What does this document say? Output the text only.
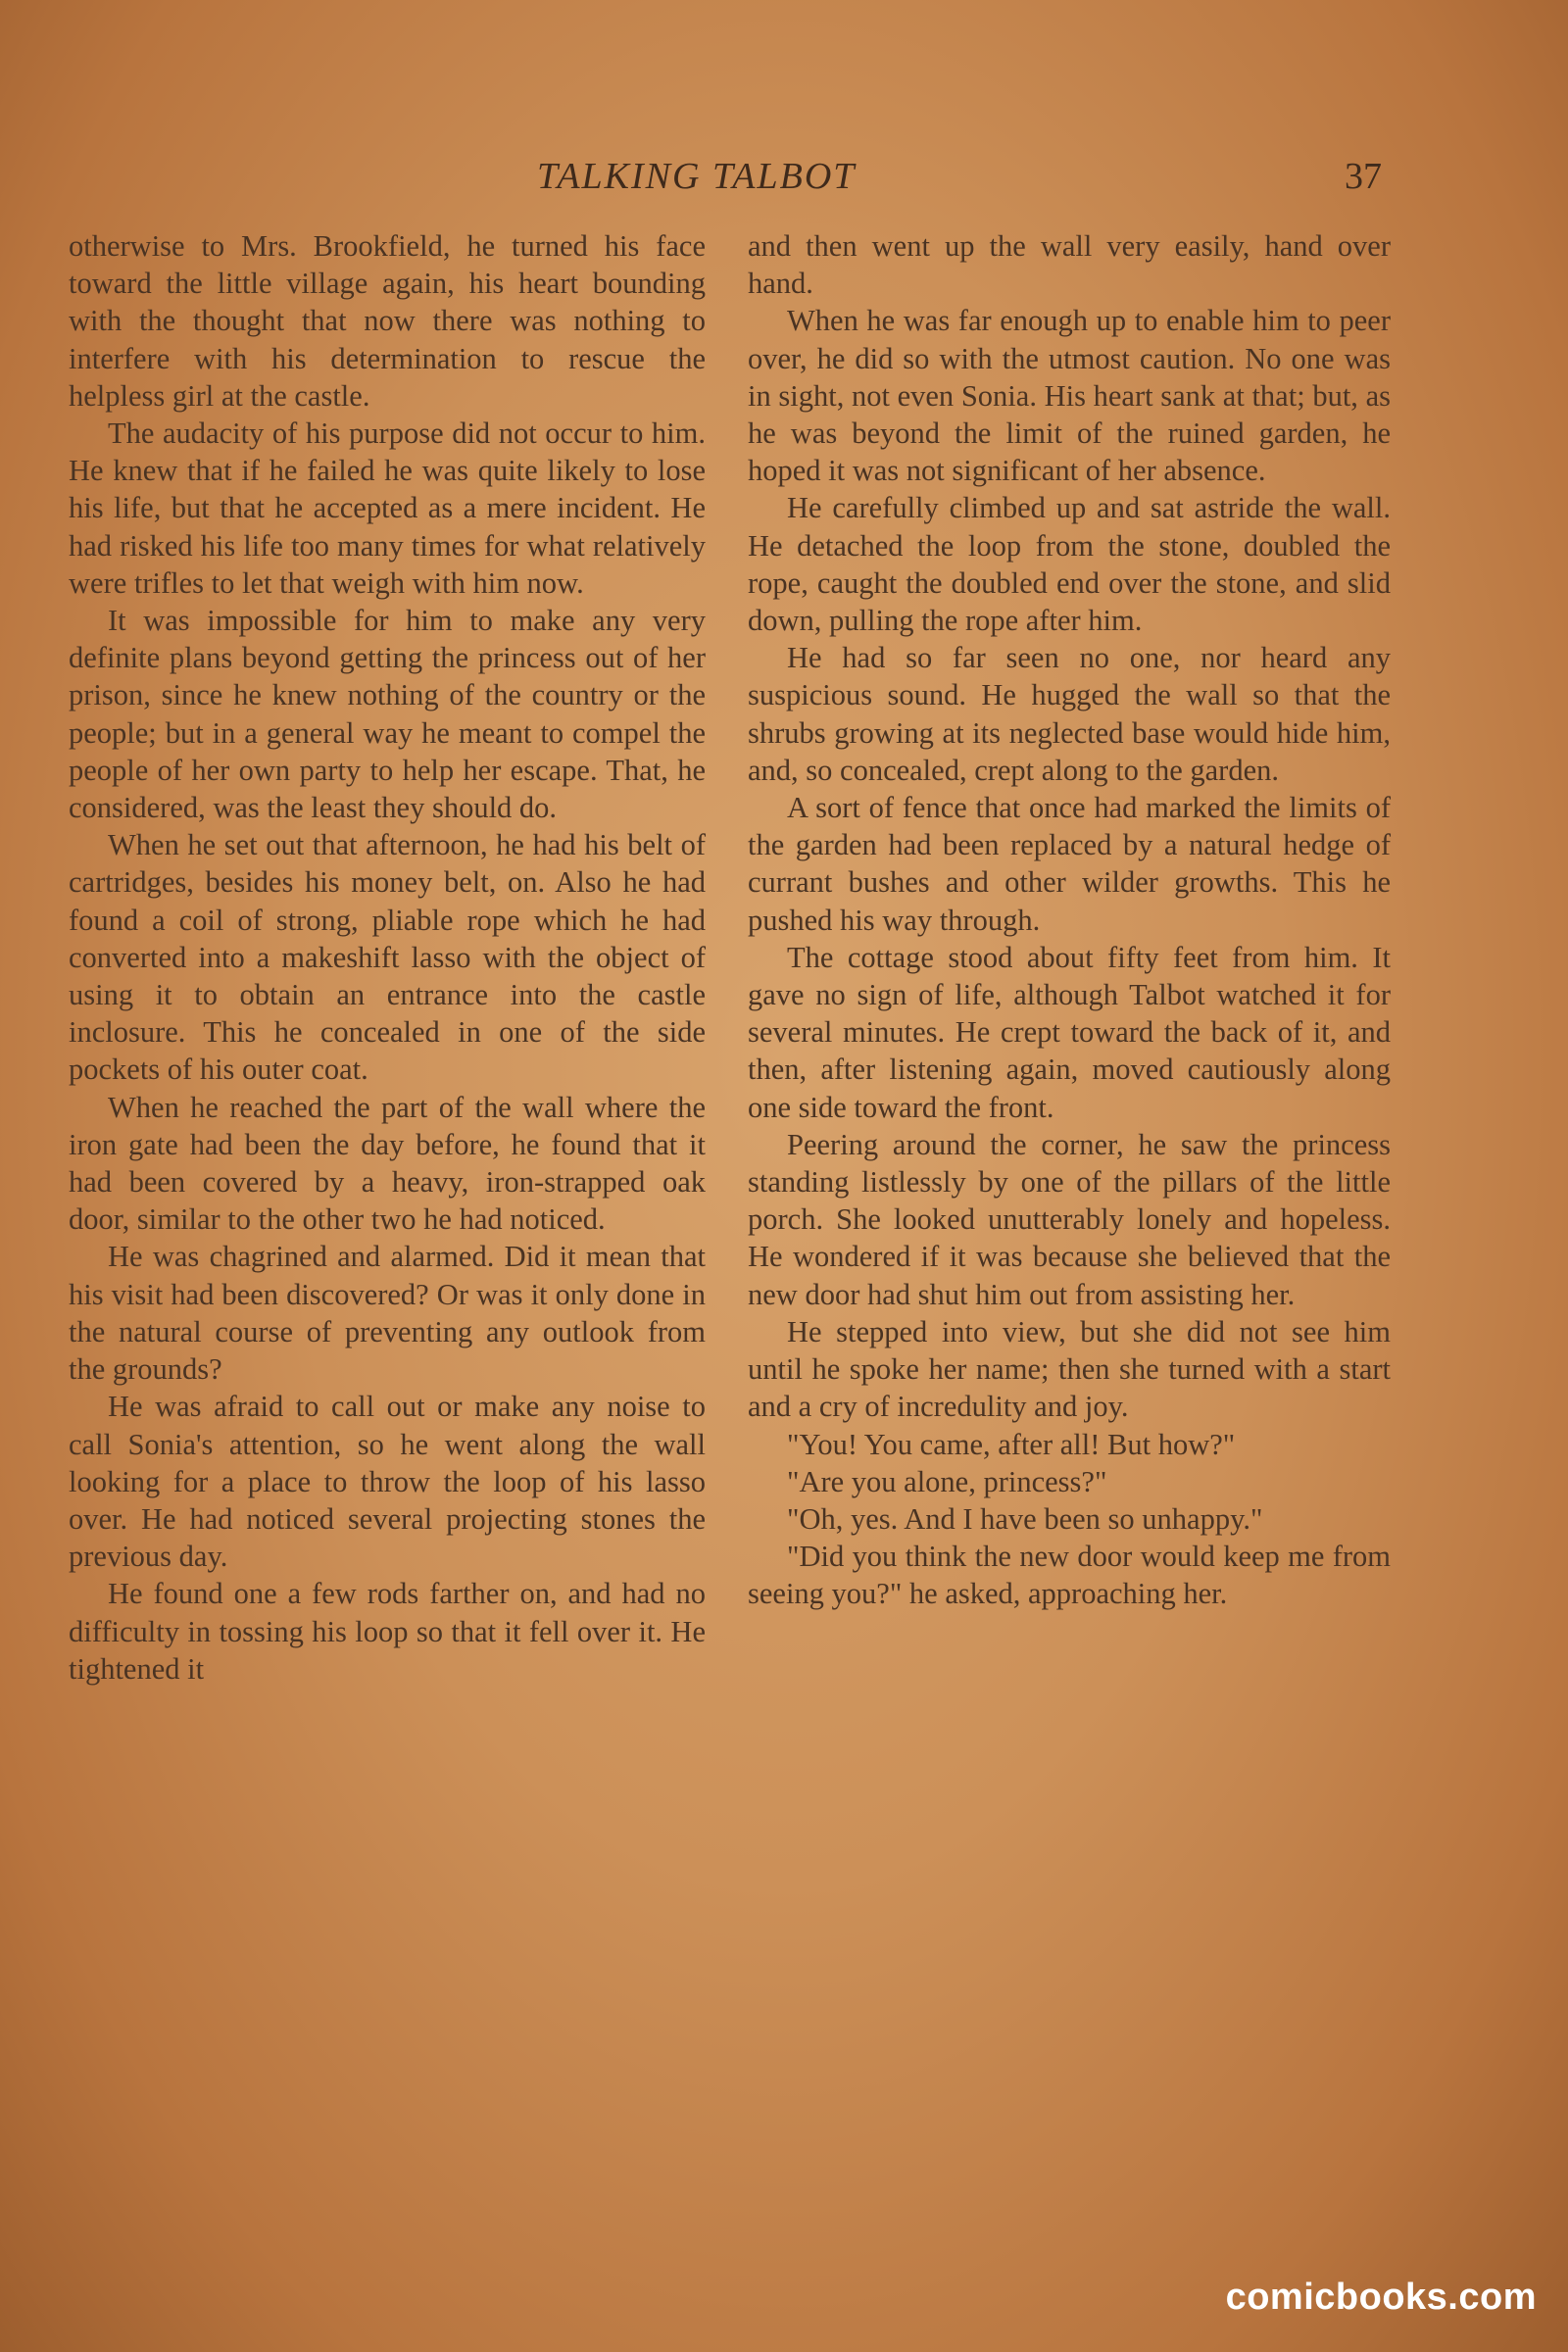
TALKING TALBOT	37

otherwise to Mrs. Brookfield, he turned his face toward the little village again, his heart bounding with the thought that now there was nothing to interfere with his determination to rescue the helpless girl at the castle.

The audacity of his purpose did not occur to him. He knew that if he failed he was quite likely to lose his life, but that he accepted as a mere incident. He had risked his life too many times for what relatively were trifles to let that weigh with him now.

It was impossible for him to make any very definite plans beyond getting the princess out of her prison, since he knew nothing of the country or the people; but in a general way he meant to compel the people of her own party to help her escape. That, he considered, was the least they should do.

When he set out that afternoon, he had his belt of cartridges, besides his money belt, on. Also he had found a coil of strong, pliable rope which he had converted into a makeshift lasso with the object of using it to obtain an entrance into the castle inclosure. This he concealed in one of the side pockets of his outer coat.

When he reached the part of the wall where the iron gate had been the day before, he found that it had been covered by a heavy, iron-strapped oak door, similar to the other two he had noticed.

He was chagrined and alarmed. Did it mean that his visit had been discovered? Or was it only done in the natural course of preventing any outlook from the grounds?

He was afraid to call out or make any noise to call Sonia's attention, so he went along the wall looking for a place to throw the loop of his lasso over. He had noticed several projecting stones the previous day.

He found one a few rods farther on, and had no difficulty in tossing his loop so that it fell over it. He tightened it

and then went up the wall very easily, hand over hand.

When he was far enough up to enable him to peer over, he did so with the utmost caution. No one was in sight, not even Sonia. His heart sank at that; but, as he was beyond the limit of the ruined garden, he hoped it was not significant of her absence.

He carefully climbed up and sat astride the wall. He detached the loop from the stone, doubled the rope, caught the doubled end over the stone, and slid down, pulling the rope after him.

He had so far seen no one, nor heard any suspicious sound. He hugged the wall so that the shrubs growing at its neglected base would hide him, and, so concealed, crept along to the garden.

A sort of fence that once had marked the limits of the garden had been replaced by a natural hedge of currant bushes and other wilder growths. This he pushed his way through.

The cottage stood about fifty feet from him. It gave no sign of life, although Talbot watched it for several minutes. He crept toward the back of it, and then, after listening again, moved cautiously along one side toward the front.

Peering around the corner, he saw the princess standing listlessly by one of the pillars of the little porch. She looked unutterably lonely and hopeless. He wondered if it was because she believed that the new door had shut him out from assisting her.

He stepped into view, but she did not see him until he spoke her name; then she turned with a start and a cry of incredulity and joy.

"You! You came, after all! But how?"

"Are you alone, princess?"

"Oh, yes. And I have been so unhappy."

"Did you think the new door would keep me from seeing you?" he asked, approaching her.

comicbooks.com
